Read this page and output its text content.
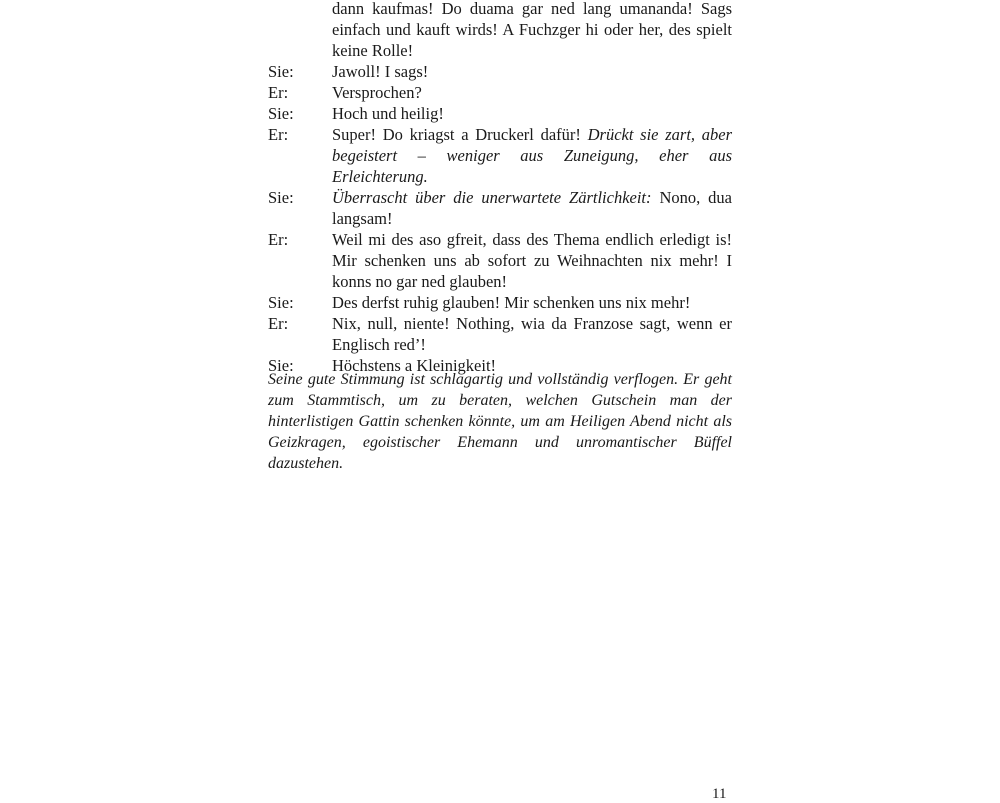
dann kaufmas! Do duama gar ned lang umananda! Sags einfach und kauft wirds! A Fuchzger hi oder her, des spielt keine Rolle!
Sie:	Jawoll! I sags!
Er:	Versprochen?
Sie:	Hoch und heilig!
Er:	Super! Do kriagst a Druckerl dafür! Drückt sie zart, aber begeistert – weniger aus Zuneigung, eher aus Erleichterung.
Sie:	Überrascht über die unerwartete Zärtlichkeit: Nono, dua langsam!
Er:	Weil mi des aso gfreit, dass des Thema endlich erledigt is! Mir schenken uns ab sofort zu Weihnachten nix mehr! I konns no gar ned glauben!
Sie:	Des derfst ruhig glauben! Mir schenken uns nix mehr!
Er:	Nix, null, niente! Nothing, wia da Franzose sagt, wenn er Englisch red’!
Sie:	Höchstens a Kleinigkeit!

Seine gute Stimmung ist schlagartig und vollständig verflogen. Er geht zum Stammtisch, um zu beraten, welchen Gutschein man der hinterlistigen Gattin schenken könnte, um am Heiligen Abend nicht als Geizkragen, egoistischer Ehemann und unromantischer Büffel dazustehen.

11
